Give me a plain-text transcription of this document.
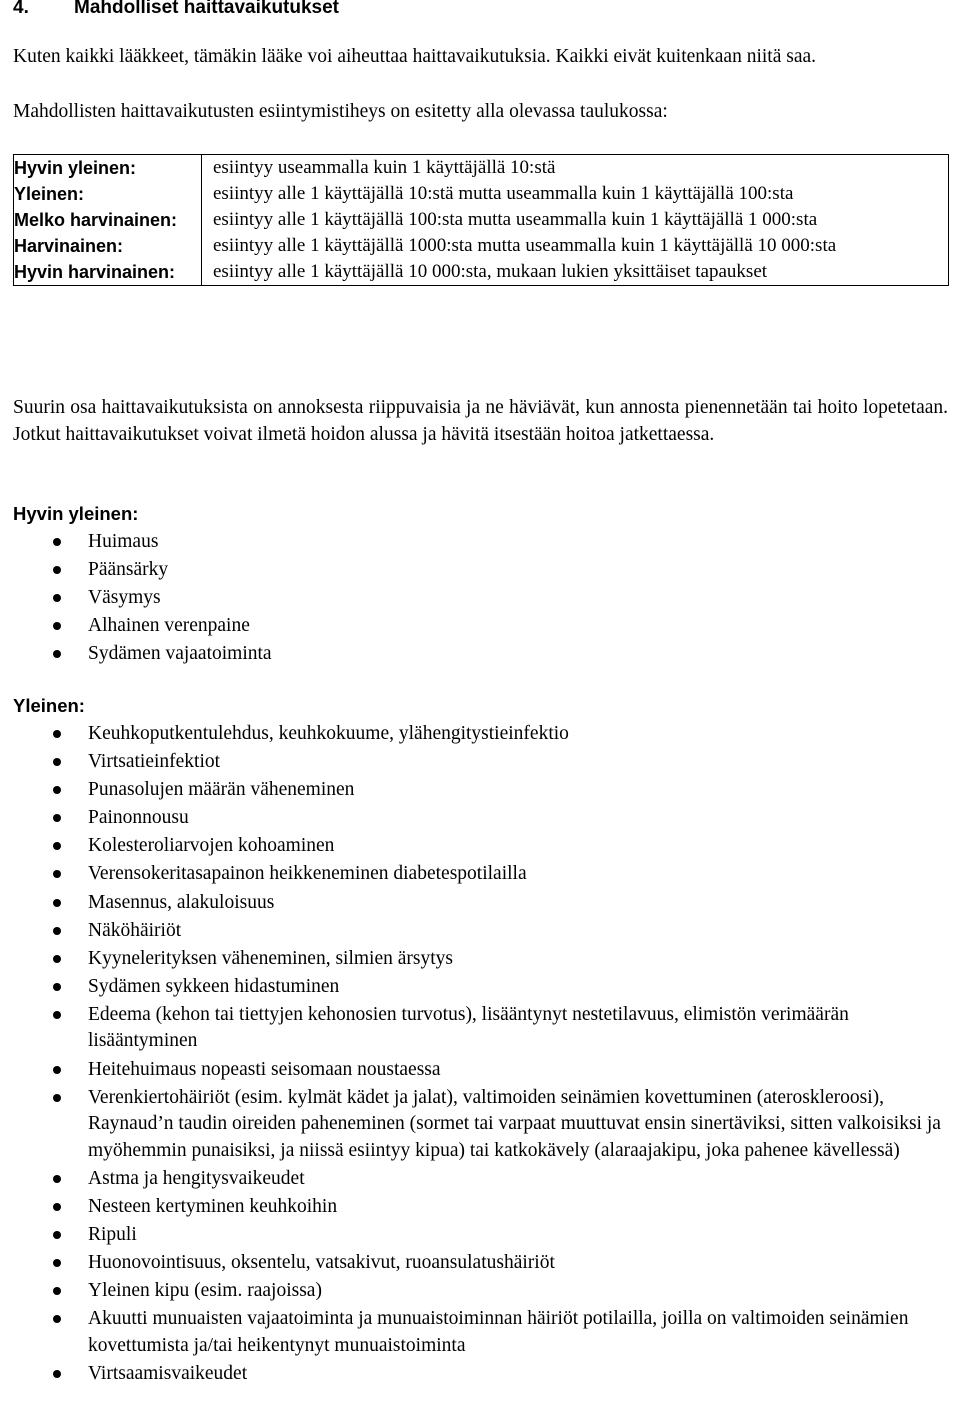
4. Mahdolliset haittavaikutukset

Kuten kaikki lääkkeet, tämäkin lääke voi aiheuttaa haittavaikutuksia. Kaikki eivät kuitenkaan niitä saa.

Mahdollisten haittavaikutusten esiintymistiheys on esitetty alla olevassa taulukossa:

Hyvin yleinen:	esiintyy useammalla kuin 1 käyttäjällä 10:stä
Yleinen:	esiintyy alle 1 käyttäjällä 10:stä mutta useammalla kuin 1 käyttäjällä 100:sta
Melko harvinainen:	esiintyy alle 1 käyttäjällä 100:sta mutta useammalla kuin 1 käyttäjällä 1 000:sta
Harvinainen:	esiintyy alle 1 käyttäjällä 1000:sta mutta useammalla kuin 1 käyttäjällä 10 000:sta
Hyvin harvinainen:	esiintyy alle 1 käyttäjällä 10 000:sta, mukaan lukien yksittäiset tapaukset

Suurin osa haittavaikutuksista on annoksesta riippuvaisia ja ne häviävät, kun annosta pienennetään tai hoito lopetetaan. Jotkut haittavaikutukset voivat ilmetä hoidon alussa ja hävitä itsestään hoitoa jatkettaessa.

Hyvin yleinen:
Huimaus
Päänsärky
Väsymys
Alhainen verenpaine
Sydämen vajaatoiminta
Yleinen:
Keuhkoputkentulehdus, keuhkokuume, ylähengitystieinfektio
Virtsatieinfektiot
Punasolujen määrän väheneminen
Painonnousu
Kolesteroliarvojen kohoaminen
Verensokeritasapainon heikkeneminen diabetespotilailla
Masennus, alakuloisuus
Näköhäiriöt
Kyynelerityksen väheneminen, silmien ärsytys
Sydämen sykkeen hidastuminen
Edeema (kehon tai tiettyjen kehonosien turvotus), lisääntynyt nestetilavuus, elimistön verimäärän lisääntyminen
Heitehuimaus nopeasti seisomaan noustaessa
Verenkiertohäiriöt (esim. kylmät kädet ja jalat), valtimoiden seinämien kovettuminen (ateroskleroosi), Raynaud’n taudin oireiden paheneminen (sormet tai varpaat muuttuvat ensin sinertäviksi, sitten valkoisiksi ja myöhemmin punaisiksi, ja niissä esiintyy kipua) tai katkokävely (alaraajakipu, joka pahenee kävellessä)
Astma ja hengitysvaikeudet
Nesteen kertyminen keuhkoihin
Ripuli
Huonovointisuus, oksentelu, vatsakivut, ruoansulatushäiriöt
Yleinen kipu (esim. raajoissa)
Akuutti munuaisten vajaatoiminta ja munuaistoiminnan häiriöt potilailla, joilla on valtimoiden seinämien kovettumista ja/tai heikentynyt munuaistoiminta
Virtsaamisvaikeudet
